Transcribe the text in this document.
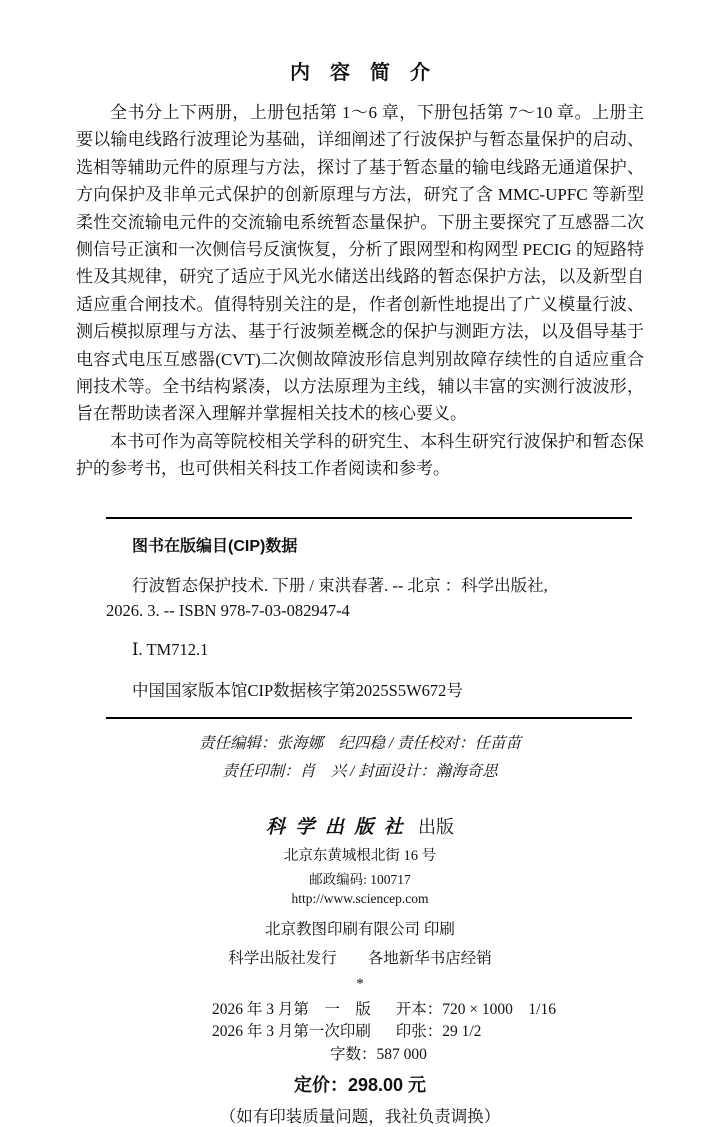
内容简介

全书分上下两册，上册包括第 1～6 章，下册包括第 7～10 章。上册主要以输电线路行波理论为基础，详细阐述了行波保护与暂态量保护的启动、选相等辅助元件的原理与方法，探讨了基于暂态量的输电线路无通道保护、方向保护及非单元式保护的创新原理与方法，研究了含 MMC-UPFC 等新型柔性交流输电元件的交流输电系统暂态量保护。下册主要探究了互感器二次侧信号正演和一次侧信号反演恢复，分析了跟网型和构网型 PECIG 的短路特性及其规律，研究了适应于风光水储送出线路的暂态保护方法，以及新型自适应重合闸技术。值得特别关注的是，作者创新性地提出了广义模量行波、测后模拟原理与方法、基于行波频差概念的保护与测距方法，以及倡导基于电容式电压互感器(CVT)二次侧故障波形信息判别故障存续性的自适应重合闸技术等。全书结构紧凑，以方法原理为主线，辅以丰富的实测行波波形，旨在帮助读者深入理解并掌握相关技术的核心要义。

本书可作为高等院校相关学科的研究生、本科生研究行波保护和暂态保护的参考书，也可供相关科技工作者阅读和参考。

图书在版编目(CIP)数据
行波暂态保护技术. 下册 / 束洪春著. -- 北京 ：科学出版社,
2026. 3. -- ISBN 978-7-03-082947-4
Ⅰ. TM712.1
中国国家版本馆CIP数据核字第2025S5W672号
责任编辑：张海娜　纪四稳 / 责任校对：任苗苗
责任印制：肖　兴 / 封面设计：瀚海奇思
科学出版社 出版
北京东黄城根北街 16 号
邮政编码: 100717
http://www.sciencep.com
北京教图印刷有限公司 印刷
科学出版社发行　　各地新华书店经销
*
2026 年 3 月第　一　版 开本：720 × 1000　1/16
2026 年 3 月第一次印刷 印张：29 1/2
字数：587 000
定价：298.00 元
（如有印装质量问题，我社负责调换）
